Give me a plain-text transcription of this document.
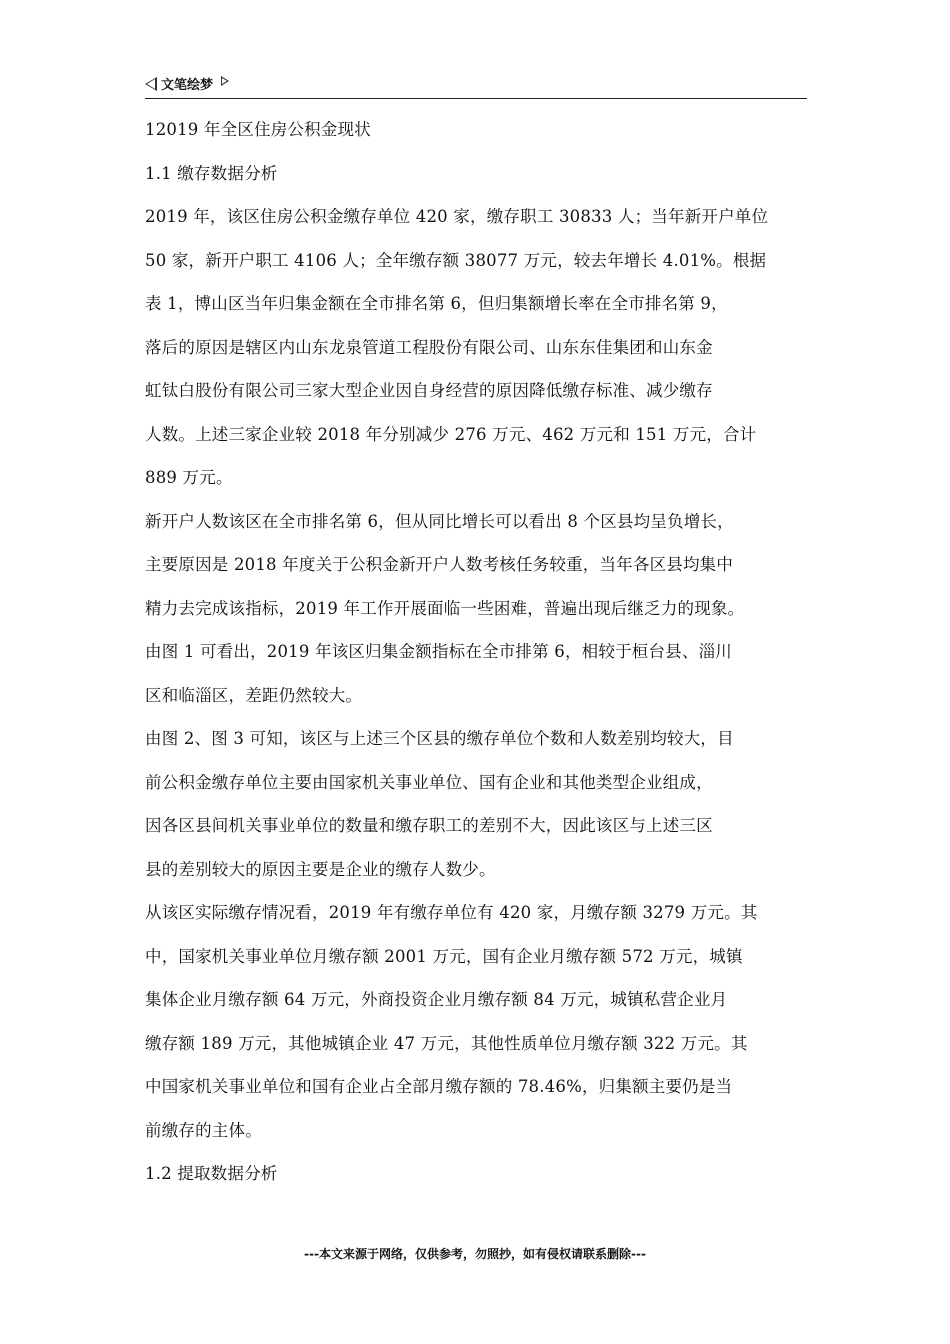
文笔绘梦
12019 年全区住房公积金现状
1.1 缴存数据分析
2019 年，该区住房公积金缴存单位 420 家，缴存职工 30833 人；当年新开户单位
50 家，新开户职工 4106 人；全年缴存额 38077 万元，较去年增长 4.01%。根据
表 1，博山区当年归集金额在全市排名第 6，但归集额增长率在全市排名第 9，
落后的原因是辖区内山东龙泉管道工程股份有限公司、山东东佳集团和山东金
虹钛白股份有限公司三家大型企业因自身经营的原因降低缴存标准、减少缴存
人数。上述三家企业较 2018 年分别减少 276 万元、462 万元和 151 万元，合计
889 万元。
新开户人数该区在全市排名第 6，但从同比增长可以看出 8 个区县均呈负增长，
主要原因是 2018 年度关于公积金新开户人数考核任务较重，当年各区县均集中
精力去完成该指标，2019 年工作开展面临一些困难，普遍出现后继乏力的现象。
由图 1 可看出，2019 年该区归集金额指标在全市排第 6，相较于桓台县、淄川
区和临淄区，差距仍然较大。
由图 2、图 3 可知，该区与上述三个区县的缴存单位个数和人数差别均较大，目
前公积金缴存单位主要由国家机关事业单位、国有企业和其他类型企业组成，
因各区县间机关事业单位的数量和缴存职工的差别不大，因此该区与上述三区
县的差别较大的原因主要是企业的缴存人数少。
从该区实际缴存情况看，2019 年有缴存单位有 420 家，月缴存额 3279 万元。其
中，国家机关事业单位月缴存额 2001 万元，国有企业月缴存额 572 万元，城镇
集体企业月缴存额 64 万元，外商投资企业月缴存额 84 万元，城镇私营企业月
缴存额 189 万元，其他城镇企业 47 万元，其他性质单位月缴存额 322 万元。其
中国家机关事业单位和国有企业占全部月缴存额的 78.46%，归集额主要仍是当
前缴存的主体。
1.2 提取数据分析
---本文来源于网络，仅供参考，勿照抄，如有侵权请联系删除---
